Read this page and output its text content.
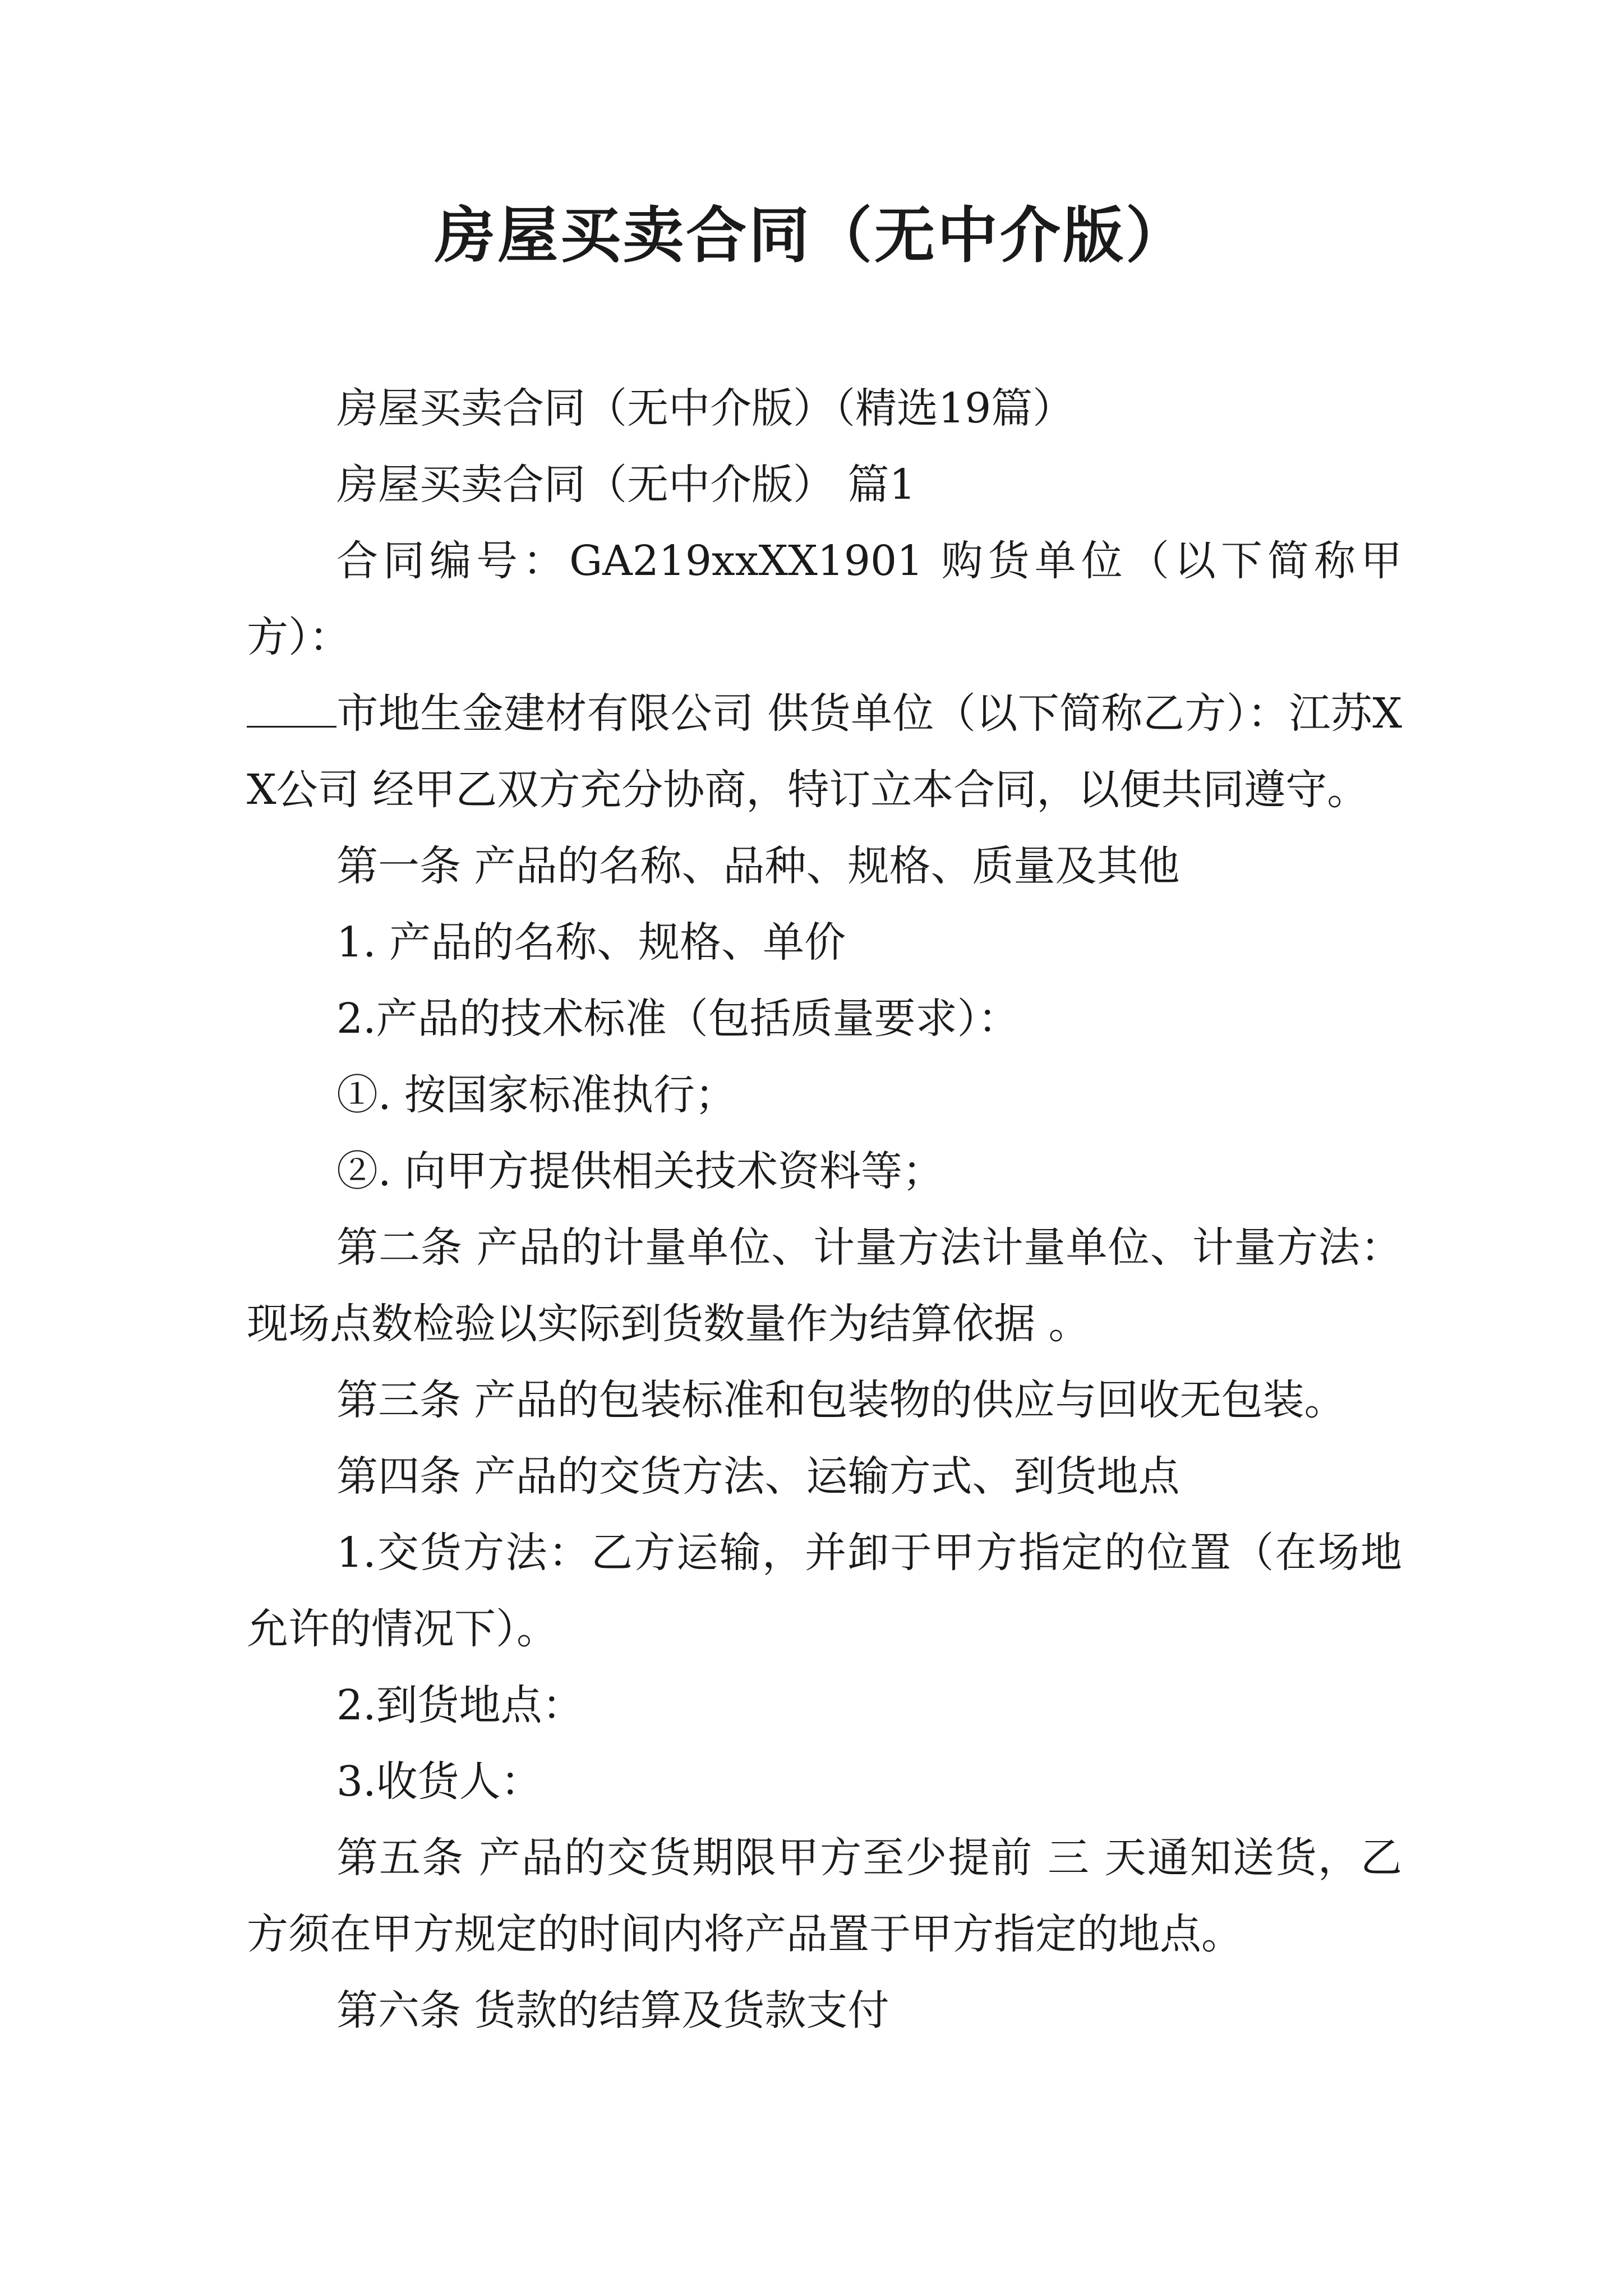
房屋买卖合同（无中介版）

房屋买卖合同（无中介版）（精选19篇）

房屋买卖合同（无中介版） 篇1

合同编号：GA219xxXX1901 购货单位（以下简称甲方）：

市地生金建材有限公司 供货单位（以下简称乙方）：江苏XX公司 经甲乙双方充分协商，特订立本合同，以便共同遵守。

第一条 产品的名称、品种、规格、质量及其他

1. 产品的名称、规格、单价

2.产品的技术标准（包括质量要求）：

①. 按国家标准执行；

②. 向甲方提供相关技术资料等；

第二条 产品的计量单位、计量方法计量单位、计量方法：现场点数检验以实际到货数量作为结算依据 。

第三条 产品的包装标准和包装物的供应与回收无包装。

第四条 产品的交货方法、运输方式、到货地点

1.交货方法：乙方运输，并卸于甲方指定的位置（在场地允许的情况下）。

2.到货地点：

3.收货人：

第五条 产品的交货期限甲方至少提前 三 天通知送货，乙方须在甲方规定的时间内将产品置于甲方指定的地点。

第六条 货款的结算及货款支付
